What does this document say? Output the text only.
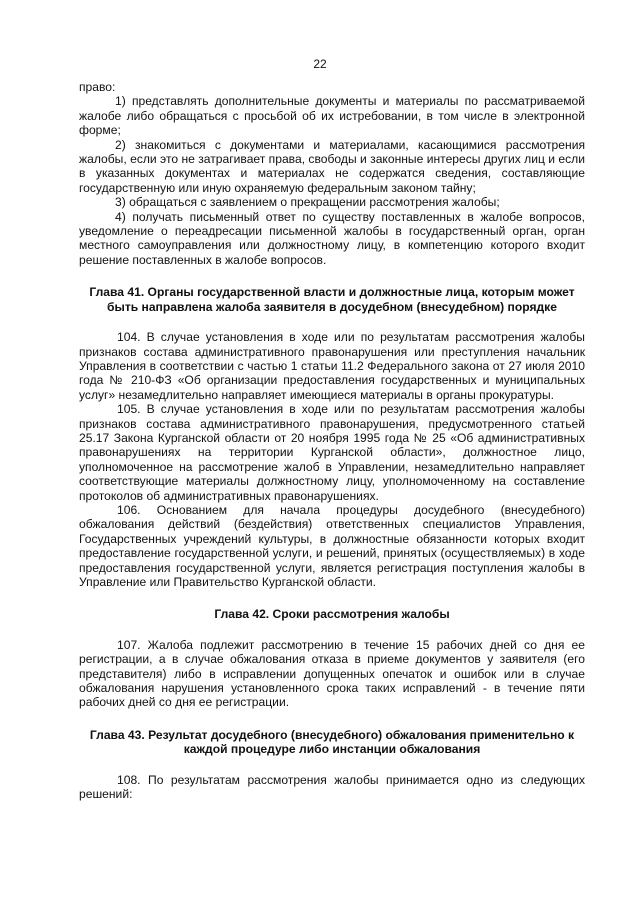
22

право:

1) представлять дополнительные документы и материалы по рассматриваемой жалобе либо обращаться с просьбой об их истребовании, в том числе в электронной форме;

2) знакомиться с документами и материалами, касающимися рассмотрения жалобы, если это не затрагивает права, свободы и законные интересы других лиц и если в указанных документах и материалах не содержатся сведения, составляющие государственную или иную охраняемую федеральным законом тайну;

3) обращаться с заявлением о прекращении рассмотрения жалобы;

4) получать письменный ответ по существу поставленных в жалобе вопросов, уведомление о переадресации письменной жалобы в государственный орган, орган местного самоуправления или должностному лицу, в компетенцию которого входит решение поставленных в жалобе вопросов.

Глава 41. Органы государственной власти и должностные лица, которым может быть направлена жалоба заявителя в досудебном (внесудебном) порядке

104. В случае установления в ходе или по результатам рассмотрения жалобы признаков состава административного правонарушения или преступления начальник Управления в соответствии с частью 1 статьи 11.2 Федерального закона от 27 июля 2010 года № 210-ФЗ «Об организации предоставления государственных и муниципальных услуг» незамедлительно направляет имеющиеся материалы в органы прокуратуры.

105. В случае установления в ходе или по результатам рассмотрения жалобы признаков состава административного правонарушения, предусмотренного статьей 25.17 Закона Курганской области от 20 ноября 1995 года № 25 «Об административных правонарушениях на территории Курганской области», должностное лицо, уполномоченное на рассмотрение жалоб в Управлении, незамедлительно направляет соответствующие материалы должностному лицу, уполномоченному на составление протоколов об административных правонарушениях.

106. Основанием для начала процедуры досудебного (внесудебного) обжалования действий (бездействия) ответственных специалистов Управления, Государственных учреждений культуры, в должностные обязанности которых входит предоставление государственной услуги, и решений, принятых (осуществляемых) в ходе предоставления государственной услуги, является регистрация поступления жалобы в Управление или Правительство Курганской области.

Глава 42. Сроки рассмотрения жалобы

107. Жалоба подлежит рассмотрению в течение 15 рабочих дней со дня ее регистрации, а в случае обжалования отказа в приеме документов у заявителя (его представителя) либо в исправлении допущенных опечаток и ошибок или в случае обжалования нарушения установленного срока таких исправлений - в течение пяти рабочих дней со дня ее регистрации.

Глава 43. Результат досудебного (внесудебного) обжалования применительно к каждой процедуре либо инстанции обжалования

108. По результатам рассмотрения жалобы принимается одно из следующих решений:
